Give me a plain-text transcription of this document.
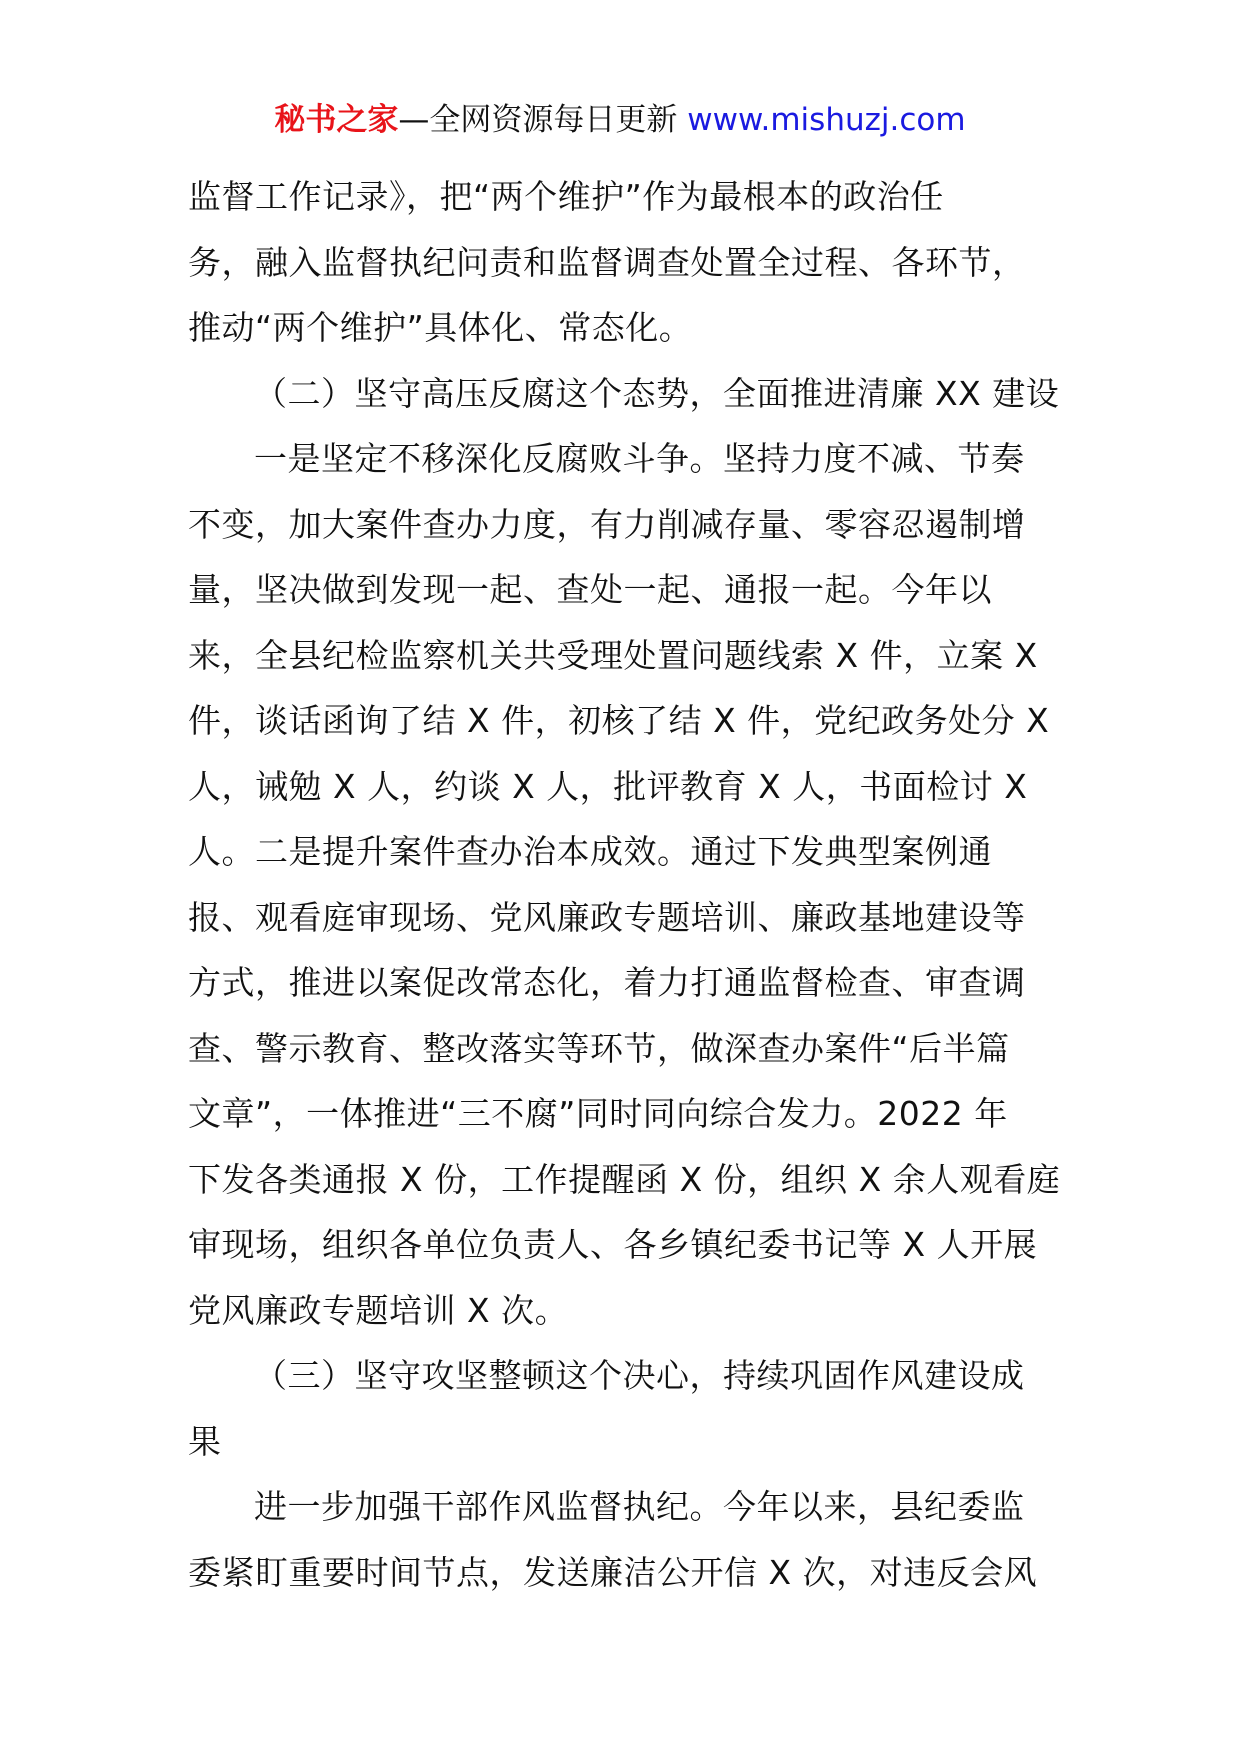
秘书之家—全网资源每日更新 www.mishuzj.com
监督工作记录》，把“两个维护”作为最根本的政治任
务，融入监督执纪问责和监督调查处置全过程、各环节，
推动“两个维护”具体化、常态化。
（二）坚守高压反腐这个态势，全面推进清廉 XX 建设
一是坚定不移深化反腐败斗争。坚持力度不减、节奏
不变，加大案件查办力度，有力削减存量、零容忍遏制增
量，坚决做到发现一起、查处一起、通报一起。今年以
来，全县纪检监察机关共受理处置问题线索 X 件，立案 X
件，谈话函询了结 X 件，初核了结 X 件，党纪政务处分 X
人，诫勉 X 人，约谈 X 人，批评教育 X 人，书面检讨 X
人。二是提升案件查办治本成效。通过下发典型案例通
报、观看庭审现场、党风廉政专题培训、廉政基地建设等
方式，推进以案促改常态化，着力打通监督检查、审查调
查、警示教育、整改落实等环节，做深查办案件“后半篇
文章”，一体推进“三不腐”同时同向综合发力。2022 年
下发各类通报 X 份，工作提醒函 X 份，组织 X 余人观看庭
审现场，组织各单位负责人、各乡镇纪委书记等 X 人开展
党风廉政专题培训 X 次。
（三）坚守攻坚整顿这个决心，持续巩固作风建设成
果
进一步加强干部作风监督执纪。今年以来，县纪委监
委紧盯重要时间节点，发送廉洁公开信 X 次，对违反会风
